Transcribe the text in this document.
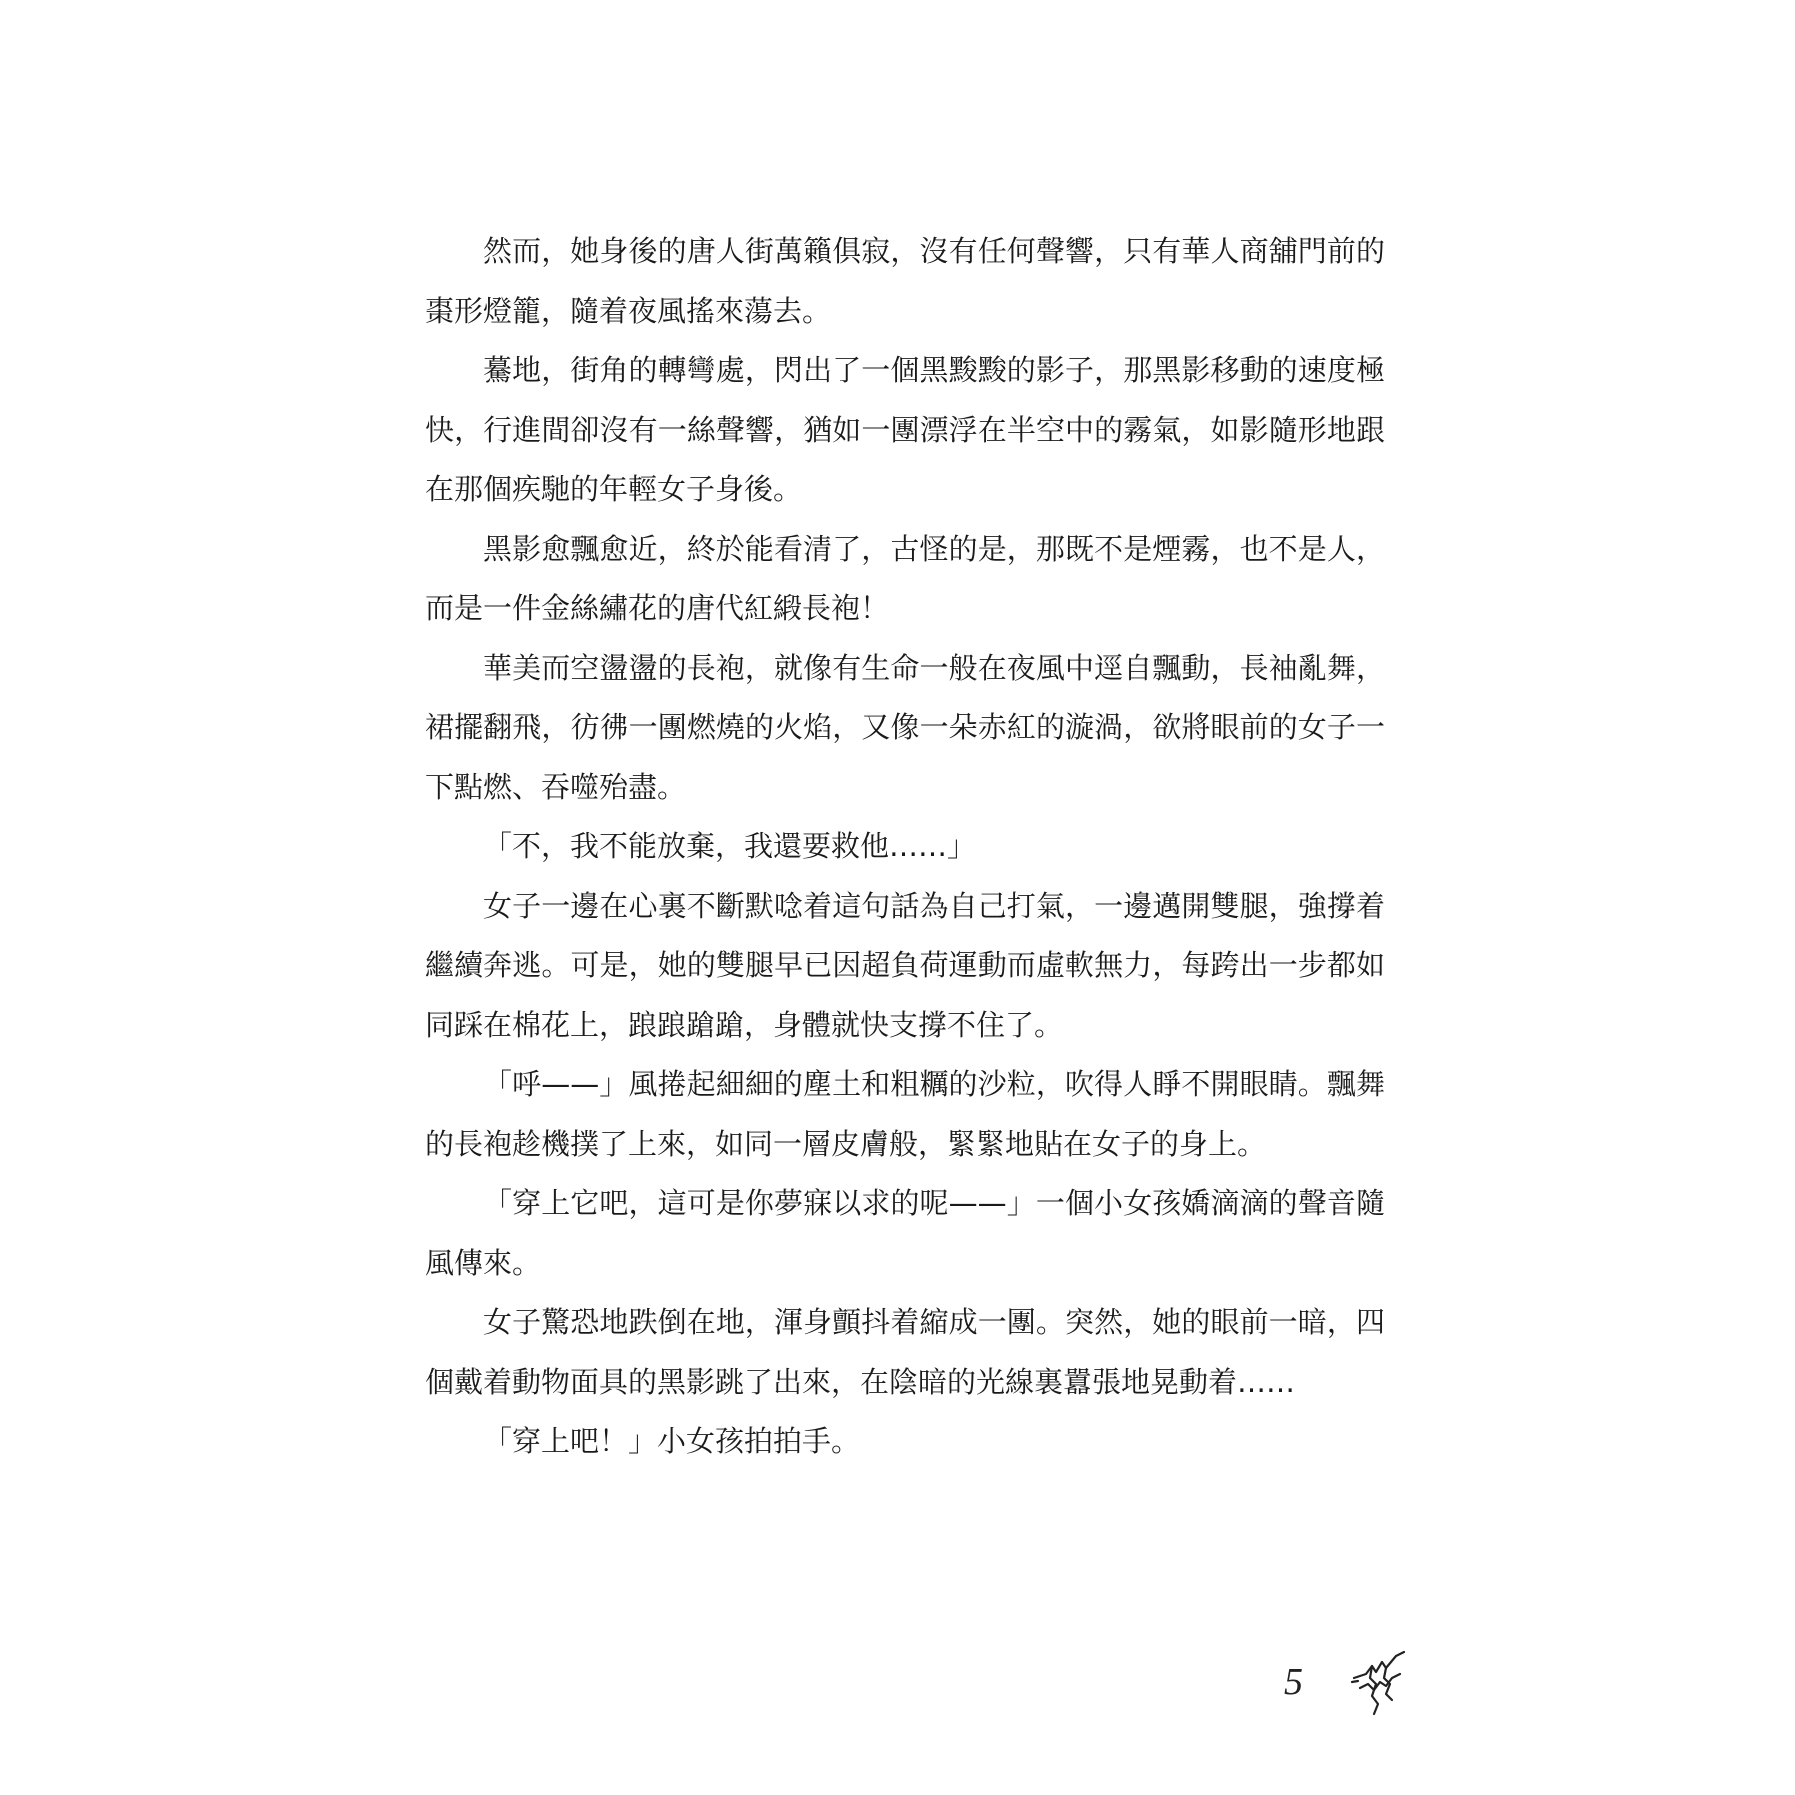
然而，她身後的唐人街萬籟俱寂，沒有任何聲響，只有華人商舖門前的棗形燈籠，隨着夜風搖來蕩去。

驀地，街角的轉彎處，閃出了一個黑黢黢的影子，那黑影移動的速度極快，行進間卻沒有一絲聲響，猶如一團漂浮在半空中的霧氣，如影隨形地跟在那個疾馳的年輕女子身後。

黑影愈飄愈近，終於能看清了，古怪的是，那既不是煙霧，也不是人，而是一件金絲繡花的唐代紅緞長袍！

華美而空盪盪的長袍，就像有生命一般在夜風中逕自飄動，長袖亂舞，裙擺翻飛，彷彿一團燃燒的火焰，又像一朵赤紅的漩渦，欲將眼前的女子一下點燃、吞噬殆盡。

「不，我不能放棄，我還要救他……」

女子一邊在心裏不斷默唸着這句話為自己打氣，一邊邁開雙腿，強撐着繼續奔逃。可是，她的雙腿早已因超負荷運動而虛軟無力，每跨出一步都如同踩在棉花上，踉踉蹌蹌，身體就快支撐不住了。

「呼——」風捲起細細的塵土和粗糲的沙粒，吹得人睜不開眼睛。飄舞的長袍趁機撲了上來，如同一層皮膚般，緊緊地貼在女子的身上。

「穿上它吧，這可是你夢寐以求的呢——」一個小女孩嬌滴滴的聲音隨風傳來。

女子驚恐地跌倒在地，渾身顫抖着縮成一團。突然，她的眼前一暗，四個戴着動物面具的黑影跳了出來，在陰暗的光線裏囂張地晃動着……

「穿上吧！」小女孩拍拍手。

5
